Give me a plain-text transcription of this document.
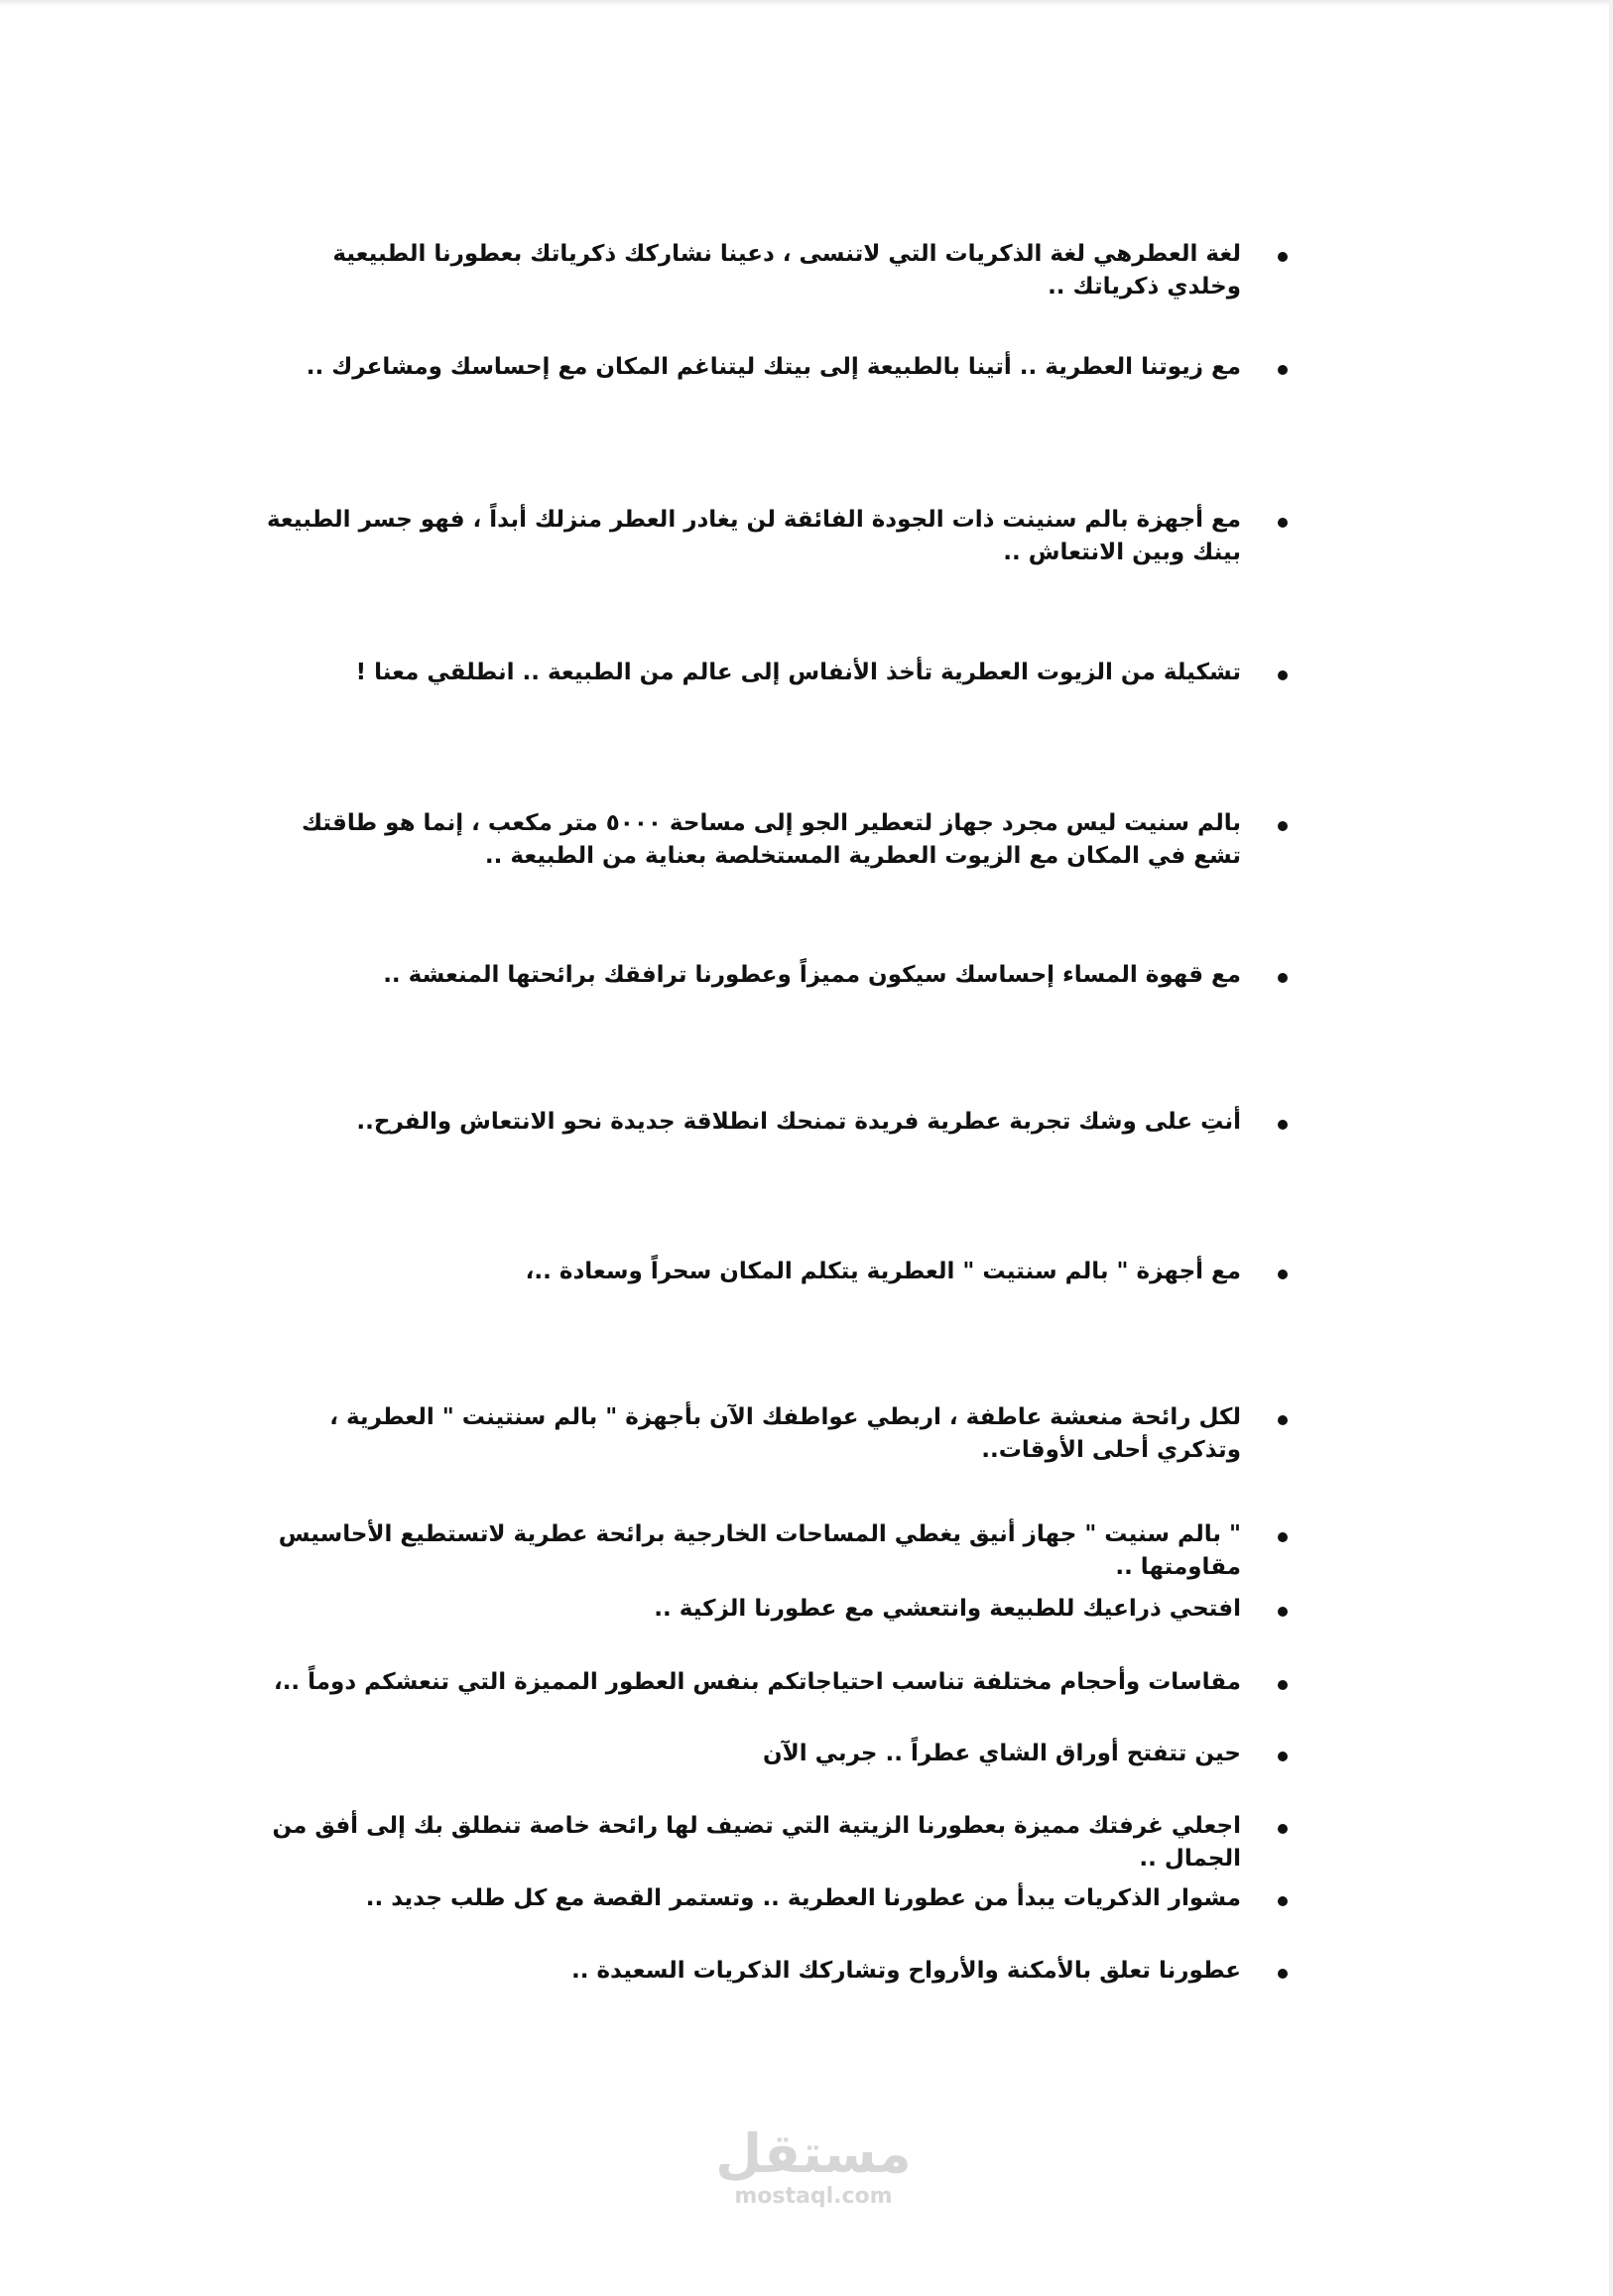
لغة العطرهي لغة الذكريات التي لاتنسى ، دعينا نشاركك ذكرياتك بعطورنا الطبيعية وخلدي ذكرياتك ..
مع زيوتنا العطرية .. أتينا بالطبيعة إلى بيتك ليتناغم المكان مع إحساسك ومشاعرك ..
مع أجهزة بالم سنينت ذات الجودة الفائقة لن يغادر العطر منزلك أبداً ، فهو جسر الطبيعة بينك وبين الانتعاش ..
تشكيلة من الزيوت العطرية تأخذ الأنفاس إلى عالم من الطبيعة .. انطلقي معنا !
بالم سنيت ليس مجرد جهاز لتعطير الجو إلى مساحة ٥٠٠٠ متر مكعب ، إنما هو طاقتك تشع في المكان مع الزيوت العطرية المستخلصة بعناية من الطبيعة ..
مع قهوة المساء إحساسك سيكون مميزاً وعطورنا ترافقك برائحتها المنعشة ..
أنتِ على وشك تجربة عطرية فريدة تمنحك انطلاقة جديدة نحو الانتعاش والفرح..
مع أجهزة " بالم سنتيت " العطرية يتكلم المكان سحراً وسعادة ..،
لكل رائحة منعشة عاطفة ، اربطي عواطفك الآن بأجهزة " بالم سنتينت " العطرية ، وتذكري أحلى الأوقات..
" بالم سنيت " جهاز أنيق يغطي المساحات الخارجية برائحة عطرية لاتستطيع الأحاسيس مقاومتها ..
افتحي ذراعيك للطبيعة وانتعشي مع عطورنا الزكية ..
مقاسات وأحجام مختلفة تناسب احتياجاتكم بنفس العطور المميزة التي تنعشكم دوماً ..،
حين تتفتح أوراق الشاي عطراً .. جربي الآن
اجعلي غرفتك مميزة بعطورنا الزيتية التي تضيف لها رائحة خاصة تنطلق بك إلى أفق من الجمال ..
مشوار الذكريات يبدأ من عطورنا العطرية .. وتستمر القصة مع كل طلب جديد ..
عطورنا تعلق بالأمكنة والأرواح وتشاركك الذكريات السعيدة ..
مستقل
mostaql.com
